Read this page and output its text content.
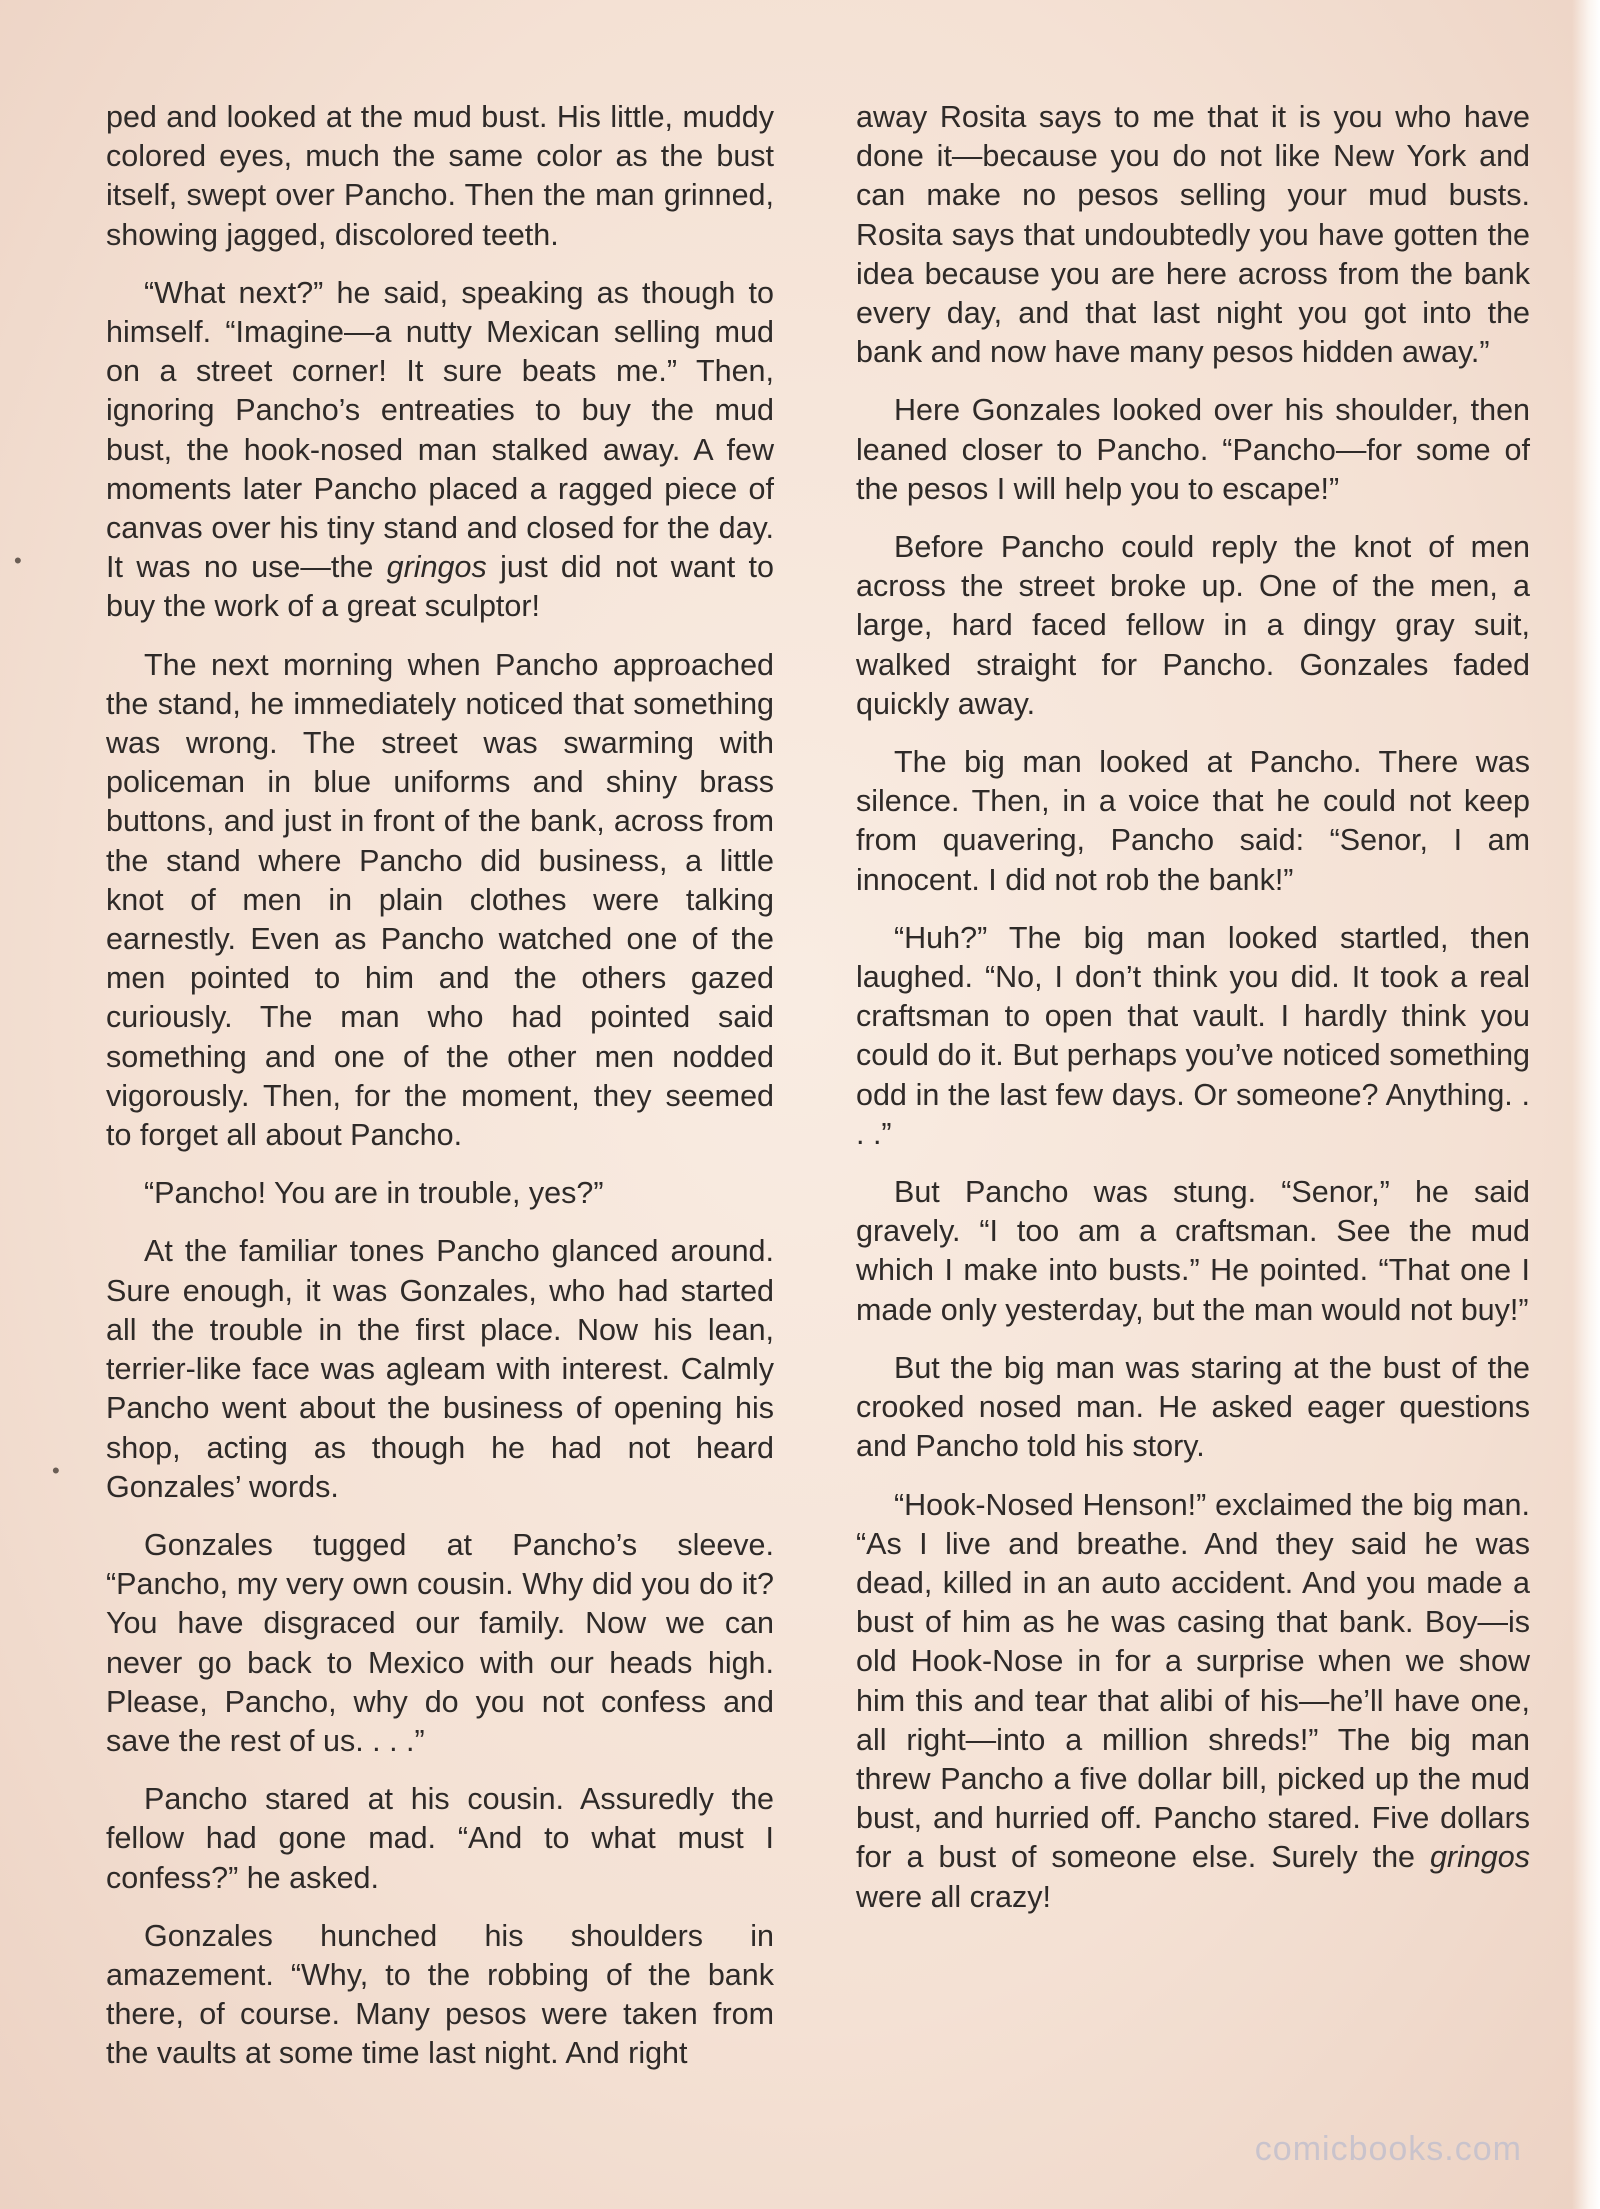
ped and looked at the mud bust. His little, muddy colored eyes, much the same color as the bust itself, swept over Pancho. Then the man grinned, showing jagged, discolored teeth.

“What next?” he said, speaking as though to himself. “Imagine—a nutty Mexican selling mud on a street corner! It sure beats me.” Then, ignoring Pancho’s entreaties to buy the mud bust, the hook-nosed man stalked away. A few moments later Pancho placed a ragged piece of canvas over his tiny stand and closed for the day. It was no use—the gringos just did not want to buy the work of a great sculptor!

The next morning when Pancho approached the stand, he immediately noticed that something was wrong. The street was swarming with policeman in blue uniforms and shiny brass buttons, and just in front of the bank, across from the stand where Pancho did business, a little knot of men in plain clothes were talking earnestly. Even as Pancho watched one of the men pointed to him and the others gazed curiously. The man who had pointed said something and one of the other men nodded vigorously. Then, for the moment, they seemed to forget all about Pancho.

“Pancho! You are in trouble, yes?”

At the familiar tones Pancho glanced around. Sure enough, it was Gonzales, who had started all the trouble in the first place. Now his lean, terrier-like face was agleam with interest. Calmly Pancho went about the business of opening his shop, acting as though he had not heard Gonzales’ words.

Gonzales tugged at Pancho’s sleeve. “Pancho, my very own cousin. Why did you do it? You have disgraced our family. Now we can never go back to Mexico with our heads high. Please, Pancho, why do you not confess and save the rest of us. . . .”

Pancho stared at his cousin. Assuredly the fellow had gone mad. “And to what must I confess?” he asked.

Gonzales hunched his shoulders in amazement. “Why, to the robbing of the bank there, of course. Many pesos were taken from the vaults at some time last night. And right

away Rosita says to me that it is you who have done it—because you do not like New York and can make no pesos selling your mud busts. Rosita says that undoubtedly you have gotten the idea because you are here across from the bank every day, and that last night you got into the bank and now have many pesos hidden away.”

Here Gonzales looked over his shoulder, then leaned closer to Pancho. “Pancho—for some of the pesos I will help you to escape!”

Before Pancho could reply the knot of men across the street broke up. One of the men, a large, hard faced fellow in a dingy gray suit, walked straight for Pancho. Gonzales faded quickly away.

The big man looked at Pancho. There was silence. Then, in a voice that he could not keep from quavering, Pancho said: “Senor, I am innocent. I did not rob the bank!”

“Huh?” The big man looked startled, then laughed. “No, I don’t think you did. It took a real craftsman to open that vault. I hardly think you could do it. But perhaps you’ve noticed something odd in the last few days. Or someone? Anything. . . .”

But Pancho was stung. “Senor,” he said gravely. “I too am a craftsman. See the mud which I make into busts.” He pointed. “That one I made only yesterday, but the man would not buy!”

But the big man was staring at the bust of the crooked nosed man. He asked eager questions and Pancho told his story.

“Hook-Nosed Henson!” exclaimed the big man. “As I live and breathe. And they said he was dead, killed in an auto accident. And you made a bust of him as he was casing that bank. Boy—is old Hook-Nose in for a surprise when we show him this and tear that alibi of his—he’ll have one, all right—into a million shreds!” The big man threw Pancho a five dollar bill, picked up the mud bust, and hurried off. Pancho stared. Five dollars for a bust of someone else. Surely the gringos were all crazy!

•
•
comicbooks.com
